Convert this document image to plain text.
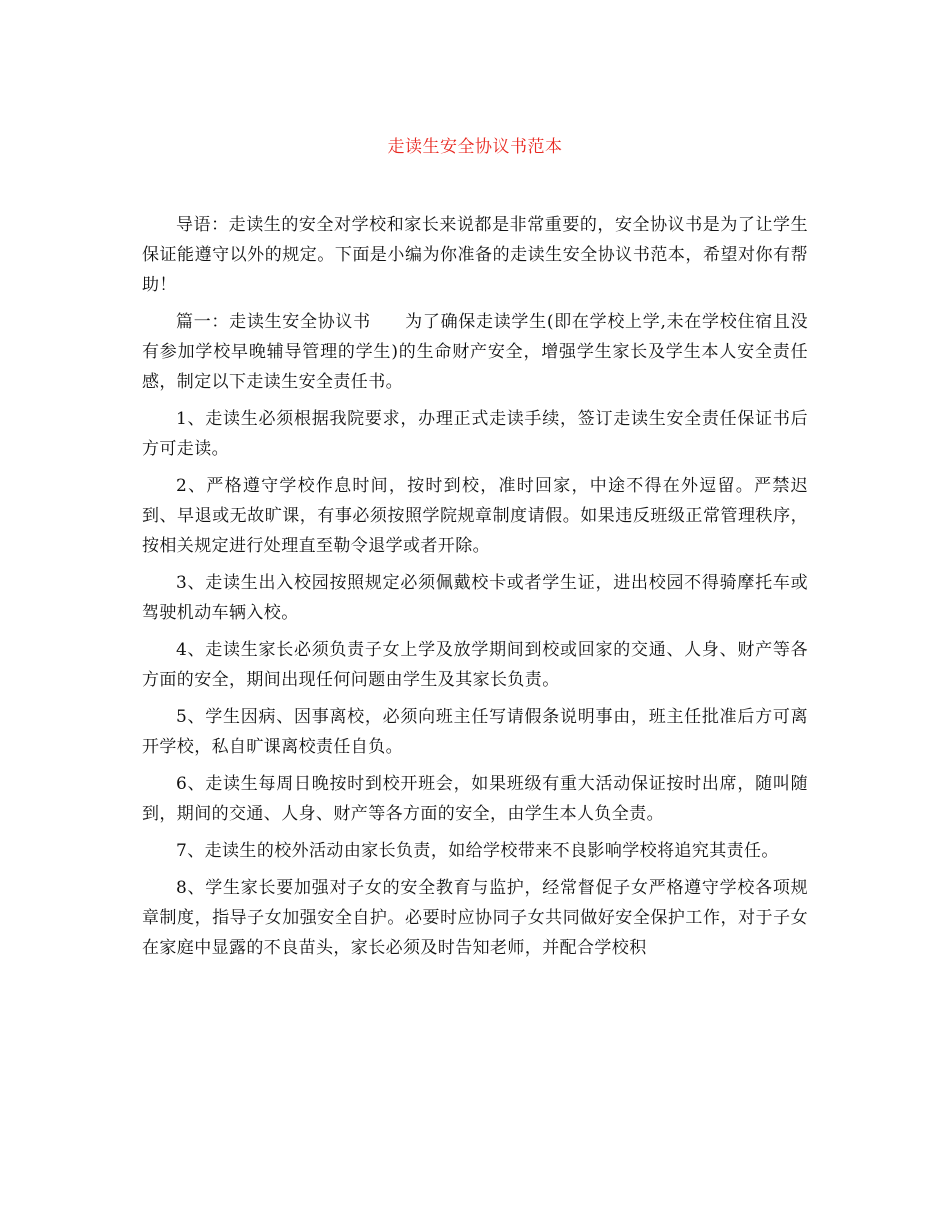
走读生安全协议书范本

导语：走读生的安全对学校和家长来说都是非常重要的，安全协议书是为了让学生保证能遵守以外的规定。下面是小编为你准备的走读生安全协议书范本，希望对你有帮助！

篇一：走读生安全协议书 为了确保走读学生(即在学校上学,未在学校住宿且没有参加学校早晚辅导管理的学生)的生命财产安全，增强学生家长及学生本人安全责任感，制定以下走读生安全责任书。

1、走读生必须根据我院要求，办理正式走读手续，签订走读生安全责任保证书后方可走读。

2、严格遵守学校作息时间，按时到校，准时回家，中途不得在外逗留。严禁迟到、早退或无故旷课，有事必须按照学院规章制度请假。如果违反班级正常管理秩序，按相关规定进行处理直至勒令退学或者开除。

3、走读生出入校园按照规定必须佩戴校卡或者学生证，进出校园不得骑摩托车或驾驶机动车辆入校。

4、走读生家长必须负责子女上学及放学期间到校或回家的交通、人身、财产等各方面的安全，期间出现任何问题由学生及其家长负责。

5、学生因病、因事离校，必须向班主任写请假条说明事由，班主任批准后方可离开学校，私自旷课离校责任自负。

6、走读生每周日晚按时到校开班会，如果班级有重大活动保证按时出席，随叫随到，期间的交通、人身、财产等各方面的安全，由学生本人负全责。

7、走读生的校外活动由家长负责，如给学校带来不良影响学校将追究其责任。

8、学生家长要加强对子女的安全教育与监护，经常督促子女严格遵守学校各项规章制度，指导子女加强安全自护。必要时应协同子女共同做好安全保护工作，对于子女在家庭中显露的不良苗头，家长必须及时告知老师，并配合学校积
